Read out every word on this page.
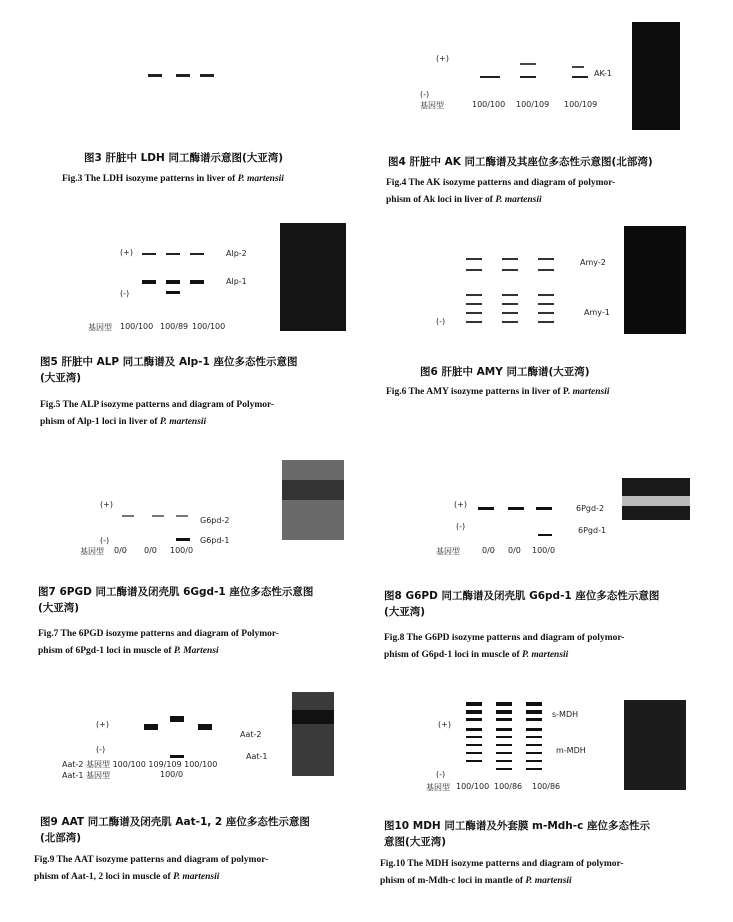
图3 肝脏中 LDH 同工酶谱示意图(大亚湾)
Fig.3 The LDH isozyme patterns in liver of P. martensii
(+)
(-)
AK-1
基因型	100/100 100/109 100/109
图4 肝脏中 AK 同工酶谱及其座位多态性示意图(北部湾)
Fig.4 The AK isozyme patterns and diagram of polymor-
phism of Ak loci in liver of P. martensii
(+)
(-)
Alp-2
Alp-1
基因型 100/100 100/89 100/100
图5 肝脏中 ALP 同工酶谱及 Alp-1 座位多态性示意图
(大亚湾)
Fig.5 The ALP isozyme patterns and diagram of Polymor-
phism of Alp-1 loci in liver of P. martensii
(-)
Amy-2
Amy-1
图6 肝脏中 AMY 同工酶谱(大亚湾)
Fig.6 The AMY isozyme patterns in liver of P. martensii
(+)
(-)
G6pd-2
G6pd-1
基因型 0/0 0/0 100/0
图7 6PGD 同工酶谱及闭壳肌 6Ggd-1 座位多态性示意图
(大亚湾)
Fig.7 The 6PGD isozyme patterns and diagram of Polymor-
phism of 6Pgd-1 loci in muscle of P. Martensi
(+)
(-)
6Pgd-2
6Pgd-1
基因型	0/0 0/0 100/0
图8 G6PD 同工酶谱及闭壳肌 G6pd-1 座位多态性示意图
(大亚湾)
Fig.8 The G6PD isozyme patterns and diagram of polymor-
phism of G6pd-1 loci in muscle of P. martensii
(+)
(-)
Aat-2
Aat-1
Aat-2 基因型 100/100 109/109 100/100
Aat-1 基因型	100/0
图9 AAT 同工酶谱及闭壳肌 Aat-1, 2 座位多态性示意图
(北部湾)
Fig.9 The AAT isozyme patterns and diagram of polymor-
phism of Aat-1, 2 loci in muscle of P. martensii
(+)
(-)
s-MDH
m-MDH
基因型 100/100 100/86 100/86
图10 MDH 同工酶谱及外套膜 m-Mdh-c 座位多态性示
意图(大亚湾)
Fig.10 The MDH isozyme patterns and diagram of polymor-
phism of m-Mdh-c loci in mantle of P. martensii
